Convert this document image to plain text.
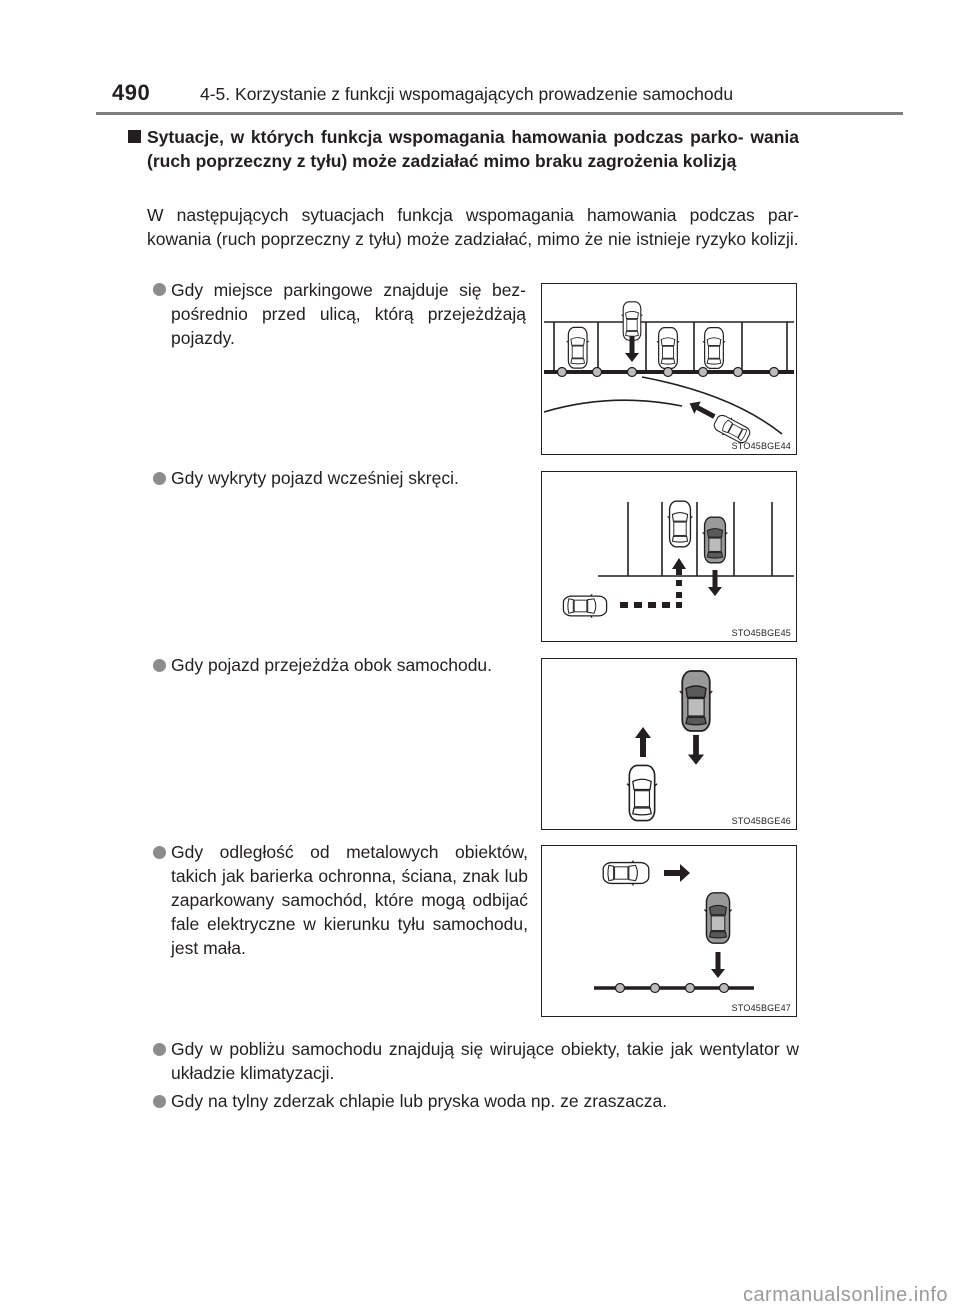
490	4-5. Korzystanie z funkcji wspomagających prowadzenie samochodu
Sytuacje, w których funkcja wspomagania hamowania podczas parko- wania (ruch poprzeczny z tyłu) może zadziałać mimo braku zagrożenia kolizją
W następujących sytuacjach funkcja wspomagania hamowania podczas par- kowania (ruch poprzeczny z tyłu) może zadziałać, mimo że nie istnieje ryzyko kolizji.
Gdy miejsce parkingowe znajduje się bez- pośrednio przed ulicą, którą przejeżdżają pojazdy.
STO45BGE44
Gdy wykryty pojazd wcześniej skręci.
STO45BGE45
Gdy pojazd przejeżdża obok samochodu.
STO45BGE46
Gdy odległość od metalowych obiektów, takich jak barierka ochronna, ściana, znak lub zaparkowany samochód, które mogą odbijać fale elektryczne w kierunku tyłu samochodu, jest mała.
STO45BGE47
Gdy w pobliżu samochodu znajdują się wirujące obiekty, takie jak wentylator w układzie klimatyzacji.
Gdy na tylny zderzak chlapie lub pryska woda np. ze zraszacza.
carmanualsonline.info
